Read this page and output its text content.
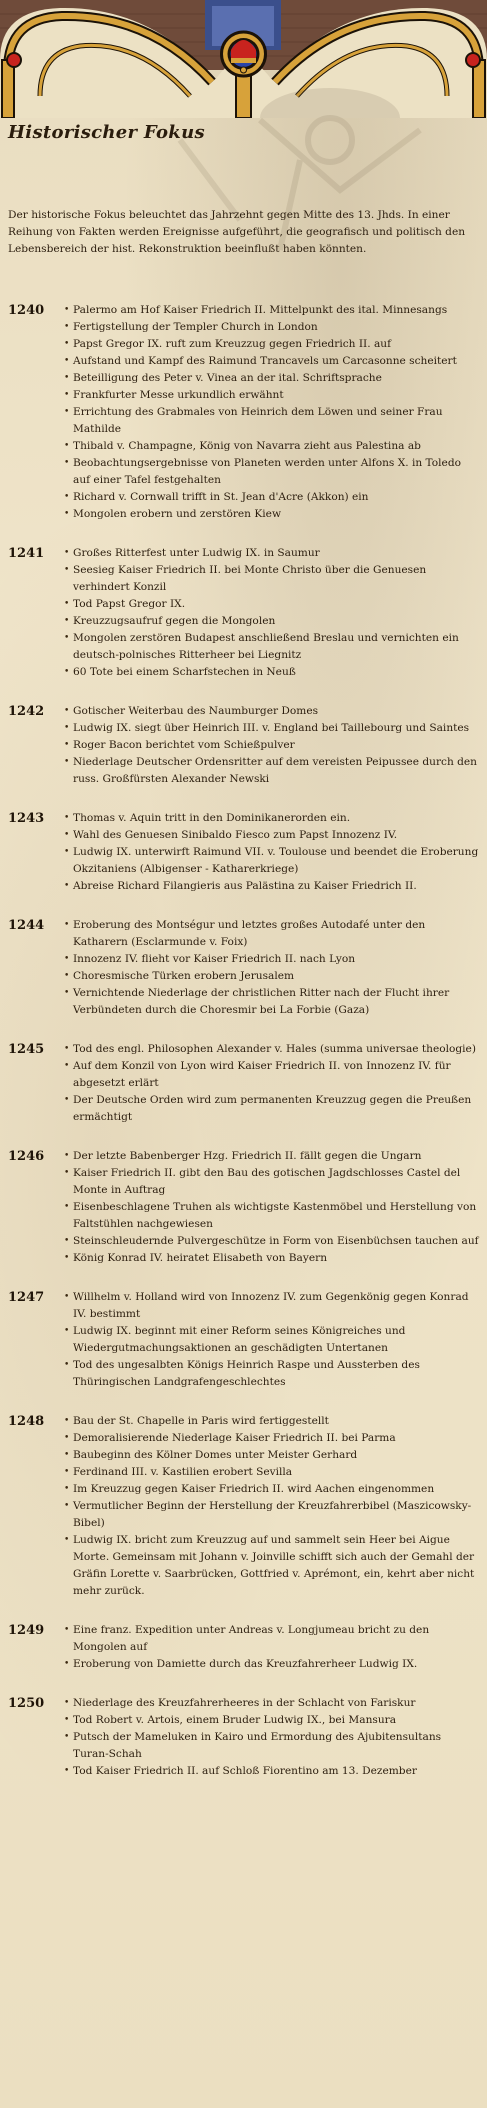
Historischer Fokus
Der historische Fokus beleuchtet das Jahrzehnt gegen Mitte des 13. Jhds. In einer Reihung von Fakten werden Ereignisse aufgeführt, die geografisch und politisch den Lebensbereich der hist. Rekonstruktion beeinflußt haben könnten.
1240	• Palermo am Hof Kaiser Friedrich II. Mittelpunkt des ital. Minnesangs
• Fertigstellung der Templer Church in London
• Papst Gregor IX. ruft zum Kreuzzug gegen Friedrich II. auf
• Aufstand und Kampf des Raimund Trancavels um Carcasonne scheitert
• Beteilligung des Peter v. Vinea an der ital. Schriftsprache
• Frankfurter Messe urkundlich erwähnt
• Errichtung des Grabmales von Heinrich dem Löwen und seiner Frau Mathilde
• Thibald v. Champagne, König von Navarra zieht aus Palestina ab
• Beobachtungsergebnisse von Planeten werden unter Alfons X. in Toledo auf einer Tafel festgehalten
• Richard v. Cornwall trifft in St. Jean d'Acre (Akkon) ein
• Mongolen erobern und zerstören Kiew
1241	• Großes Ritterfest unter Ludwig IX. in Saumur
• Seesieg Kaiser Friedrich II. bei Monte Christo über die Genuesen verhindert Konzil
• Tod Papst Gregor IX.
• Kreuzzugsaufruf gegen die Mongolen
• Mongolen zerstören Budapest anschließend Breslau und vernichten ein deutsch-polnisches Ritterheer bei Liegnitz
• 60 Tote bei einem Scharfstechen in Neuß
1242	• Gotischer Weiterbau des Naumburger Domes
• Ludwig IX. siegt über Heinrich III. v. England bei Taillebourg und Saintes
• Roger Bacon berichtet vom Schießpulver
• Niederlage Deutscher Ordensritter auf dem vereisten Peipussee durch den russ. Großfürsten Alexander Newski
1243	• Thomas v. Aquin tritt in den Dominikanerorden ein.
• Wahl des Genuesen Sinibaldo Fiesco zum Papst Innozenz IV.
• Ludwig IX. unterwirft Raimund VII. v. Toulouse und beendet die Eroberung Okzitaniens (Albigenser - Katharerkriege)
• Abreise Richard Filangieris aus Palästina zu Kaiser Friedrich II.
1244	• Eroberung des Montségur und letztes großes Autodafé unter den Katharern (Esclarmunde v. Foix)
• Innozenz IV. flieht vor Kaiser Friedrich II. nach Lyon
• Choresmische Türken erobern Jerusalem
• Vernichtende Niederlage der christlichen Ritter nach der Flucht ihrer Verbündeten durch die Choresmir bei La Forbie (Gaza)
1245	• Tod des engl. Philosophen Alexander v. Hales (summa universae theologie)
• Auf dem Konzil von Lyon wird Kaiser Friedrich II. von Innozenz IV. für abgesetzt erlärt
• Der Deutsche Orden wird zum permanenten Kreuzzug gegen die Preußen ermächtigt
1246	• Der letzte Babenberger Hzg. Friedrich II. fällt gegen die Ungarn
• Kaiser Friedrich II. gibt den Bau des gotischen Jagdschlosses Castel del Monte in Auftrag
• Eisenbeschlagene Truhen als wichtigste Kastenmöbel und Herstellung von Faltstühlen nachgewiesen
• Steinschleudernde Pulvergeschütze in Form von Eisenbüchsen tauchen auf
• König Konrad IV. heiratet Elisabeth von Bayern
1247	• Willhelm v. Holland wird von Innozenz IV. zum Gegenkönig gegen Konrad IV. bestimmt
• Ludwig IX. beginnt mit einer Reform seines Königreiches und Wiedergutmachungsaktionen an geschädigten Untertanen
• Tod des ungesalbten Königs Heinrich Raspe und Aussterben des Thüringischen Landgrafengeschlechtes
1248	• Bau der St. Chapelle in Paris wird fertiggestellt
• Demoralisierende Niederlage Kaiser Friedrich II. bei Parma
• Baubeginn des Kölner Domes unter Meister Gerhard
• Ferdinand III. v. Kastilien erobert Sevilla
• Im Kreuzzug gegen Kaiser Friedrich II. wird Aachen eingenommen
• Vermutlicher Beginn der Herstellung der Kreuzfahrerbibel (Maszicowsky-Bibel)
• Ludwig IX. bricht zum Kreuzzug auf und sammelt sein Heer bei Aigue Morte. Gemeinsam mit Johann v. Joinville schifft sich auch der Gemahl der Gräfin Lorette v. Saarbrücken, Gottfried v. Aprémont, ein, kehrt aber nicht mehr zurück.
1249	• Eine franz. Expedition unter Andreas v. Longjumeau bricht zu den Mongolen auf
• Eroberung von Damiette durch das Kreuzfahrerheer Ludwig IX.
1250	• Niederlage des Kreuzfahrerheeres in der Schlacht von Fariskur
• Tod Robert v. Artois, einem Bruder Ludwig IX., bei Mansura
• Putsch der Mameluken in Kairo und Ermordung des Ajubitensultans Turan-Schah
• Tod Kaiser Friedrich II. auf Schloß Fiorentino am 13. Dezember
